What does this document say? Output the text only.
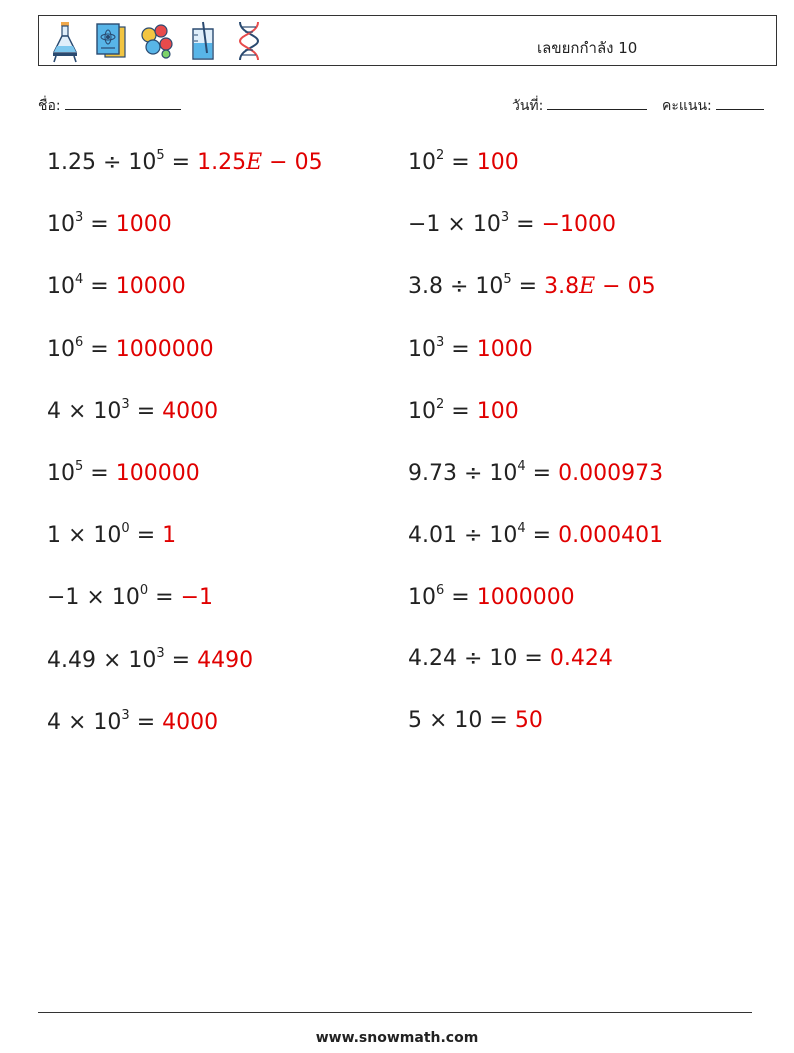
เลขยกกำลัง 10
ชื่อ:	วันที่:	คะแนน:
$1.25 \div 10^5 = 1.25E - 05$
$10^3 = 1000$
$10^4 = 10000$
$10^6 = 1000000$
$4 \times 10^3 = 4000$
$10^5 = 100000$
$1 \times 10^0 = 1$
$-1 \times 10^0 = -1$
$4.49 \times 10^3 = 4490$
$4 \times 10^3 = 4000$
$10^2 = 100$
$-1 \times 10^3 = -1000$
$3.8 \div 10^5 = 3.8E - 05$
$10^3 = 1000$
$10^2 = 100$
$9.73 \div 10^4 = 0.000973$
$4.01 \div 10^4 = 0.000401$
$10^6 = 1000000$
4.24 ÷ 10 = 0.424
5 × 10 = 50
www.snowmath.com
